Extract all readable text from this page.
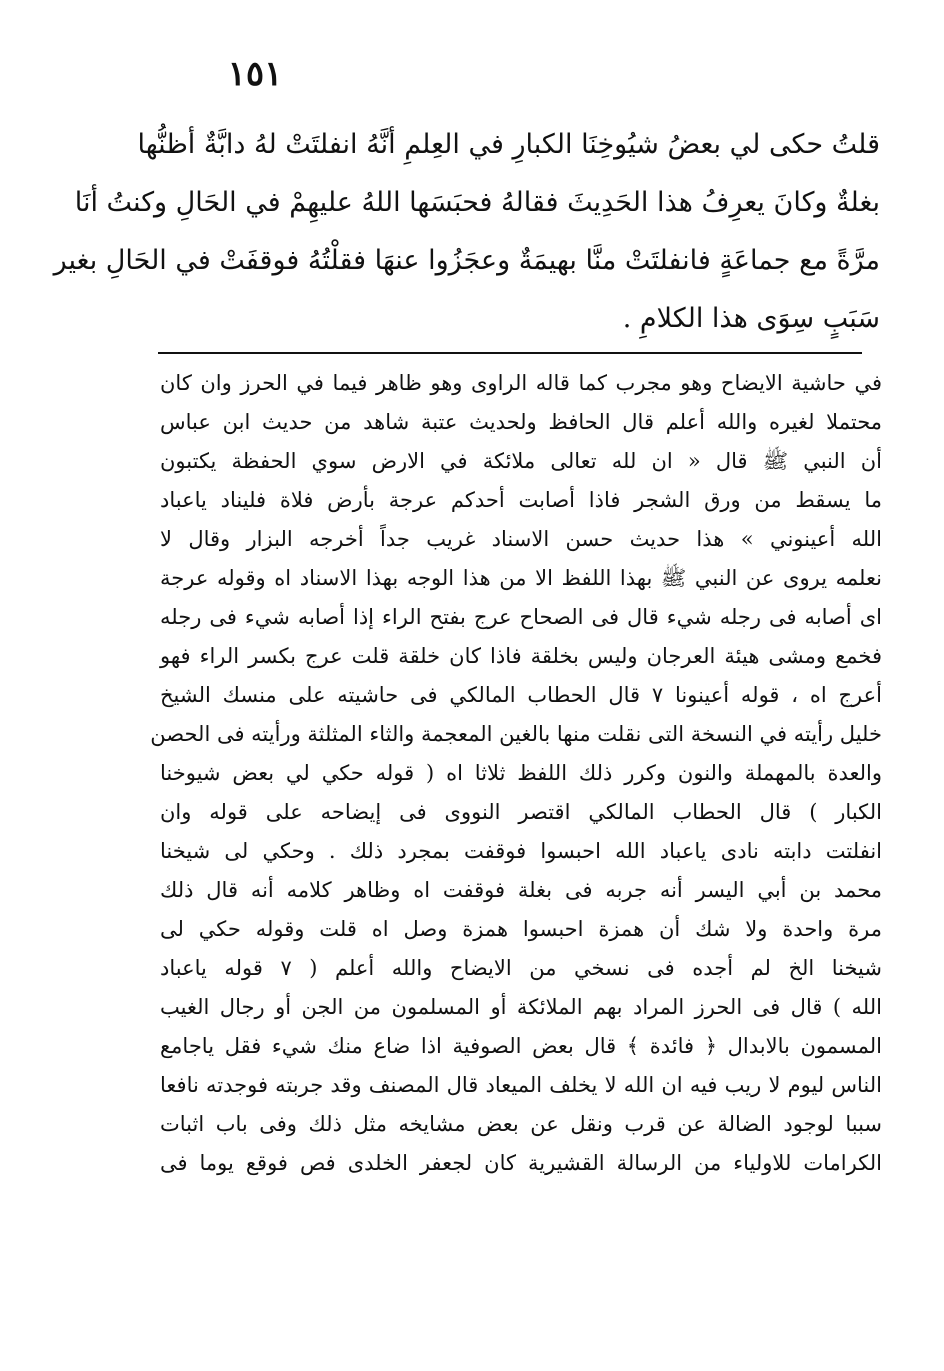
١٥١
قلتُ حكى لي بعضُ شيُوخِنَا الكبارِ في العِلمِ أنَّهُ انفلتَتْ لهُ دابَّةٌ أظنُّها
بغلةٌ وكانَ يعرِفُ هذا الحَدِيثَ فقالهُ فحبَسَها اللهُ عليهِمْ في الحَالِ وكنتُ أنَا
مرَّةً مع جماعَةٍ فانفلتَتْ منَّا بهيمَةٌ وعجَزُوا عنهَا فقلْتُهُ فوقفَتْ في الحَالِ بغير
سَبَبٍ سِوَى هذا الكلامِ .
في حاشية الايضاح وهو مجرب كما قاله الراوى وهو ظاهر فيما في الحرز وان كان
محتملا لغيره والله أعلم قال الحافظ ولحديث عتبة شاهد من حديث ابن عباس
أن النبي ﷺ قال « ان لله تعالى ملائكة في الارض سوي الحفظة يكتبون
ما يسقط من ورق الشجر فاذا أصابت أحدكم عرجة بأرض فلاة فليناد ياعباد
الله أعينوني » هذا حديث حسن الاسناد غريب جداً أخرجه البزار وقال لا
نعلمه يروى عن النبي ﷺ بهذا اللفظ الا من هذا الوجه بهذا الاسناد اه وقوله عرجة
اى أصابه فى رجله شيء قال فى الصحاح عرج بفتح الراء إذا أصابه شيء فى رجله
فخمع ومشى هيئة العرجان وليس بخلقة فاذا كان خلقة قلت عرج بكسر الراء فهو
أعرج اه ، قوله أعينونا ٧ قال الحطاب المالكي فى حاشيته على منسك الشيخ
خليل رأيته في النسخة التى نقلت منها بالغين المعجمة والثاء المثلثة ورأيته فى الحصن
والعدة بالمهملة والنون وكرر ذلك اللفظ ثلاثا اه ( قوله حكي لي بعض شيوخنا
الكبار ) قال الحطاب المالكي اقتصر النووى فى إيضاحه على قوله وان
انفلتت دابته نادى ياعباد الله احبسوا فوقفت بمجرد ذلك . وحكي لى شيخنا
محمد بن أبي اليسر أنه جربه فى بغلة فوقفت اه وظاهر كلامه أنه قال ذلك
مرة واحدة ولا شك أن همزة احبسوا همزة وصل اه قلت وقوله حكي لى
شيخنا الخ لم أجده فى نسخي من الايضاح والله أعلم ( ٧ قوله ياعباد
الله ) قال فى الحرز المراد بهم الملائكة أو المسلمون من الجن أو رجال الغيب
المسمون بالابدال ﴿ فائدة ﴾ قال بعض الصوفية اذا ضاع منك شيء فقل ياجامع
الناس ليوم لا ريب فيه ان الله لا يخلف الميعاد قال المصنف وقد جربته فوجدته نافعا
سببا لوجود الضالة عن قرب ونقل عن بعض مشايخه مثل ذلك وفى باب اثبات
الكرامات للاولياء من الرسالة القشيرية كان لجعفر الخلدى فص فوقع يوما فى
